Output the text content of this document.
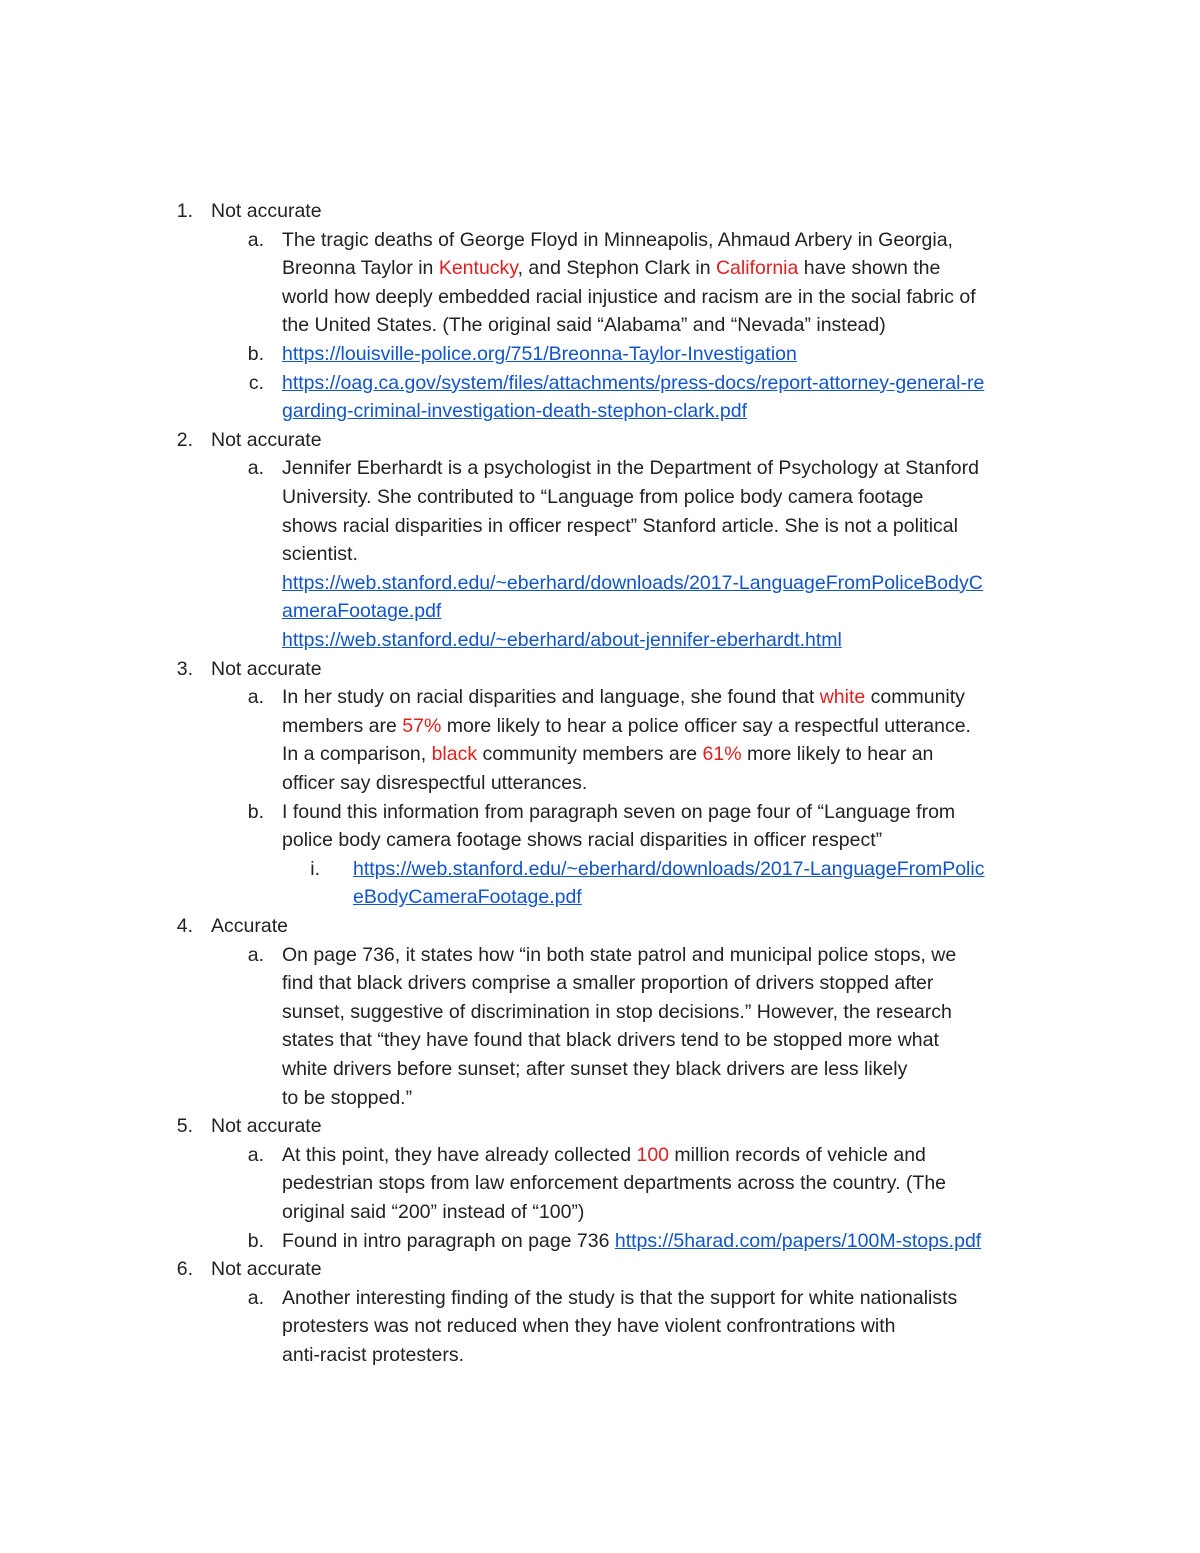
1. Not accurate
a. The tragic deaths of George Floyd in Minneapolis, Ahmaud Arbery in Georgia,
Breonna Taylor in Kentucky, and Stephon Clark in California have shown the
world how deeply embedded racial injustice and racism are in the social fabric of
the United States. (The original said “Alabama” and “Nevada” instead)
b. https://louisville-police.org/751/Breonna-Taylor-Investigation
c. https://oag.ca.gov/system/files/attachments/press-docs/report-attorney-general-re
garding-criminal-investigation-death-stephon-clark.pdf
2. Not accurate
a. Jennifer Eberhardt is a psychologist in the Department of Psychology at Stanford
University. She contributed to “Language from police body camera footage
shows racial disparities in officer respect” Stanford article. She is not a political
scientist.
https://web.stanford.edu/~eberhard/downloads/2017-LanguageFromPoliceBodyC
ameraFootage.pdf
https://web.stanford.edu/~eberhard/about-jennifer-eberhardt.html
3. Not accurate
a. In her study on racial disparities and language, she found that white community
members are 57% more likely to hear a police officer say a respectful utterance.
In a comparison, black community members are 61% more likely to hear an
officer say disrespectful utterances.
b. I found this information from paragraph seven on page four of “Language from
police body camera footage shows racial disparities in officer respect”
i. https://web.stanford.edu/~eberhard/downloads/2017-LanguageFromPolic
eBodyCameraFootage.pdf
4. Accurate
a. On page 736, it states how “in both state patrol and municipal police stops, we
find that black drivers comprise a smaller proportion of drivers stopped after
sunset, suggestive of discrimination in stop decisions.” However, the research
states that “they have found that black drivers tend to be stopped more what
white drivers before sunset; after sunset they black drivers are less likely
to be stopped.”
5. Not accurate
a. At this point, they have already collected 100 million records of vehicle and
pedestrian stops from law enforcement departments across the country. (The
original said “200” instead of “100”)
b. Found in intro paragraph on page 736 https://5harad.com/papers/100M-stops.pdf
6. Not accurate
a. Another interesting finding of the study is that the support for white nationalists
protesters was not reduced when they have violent confrontrations with
anti-racist protesters.
